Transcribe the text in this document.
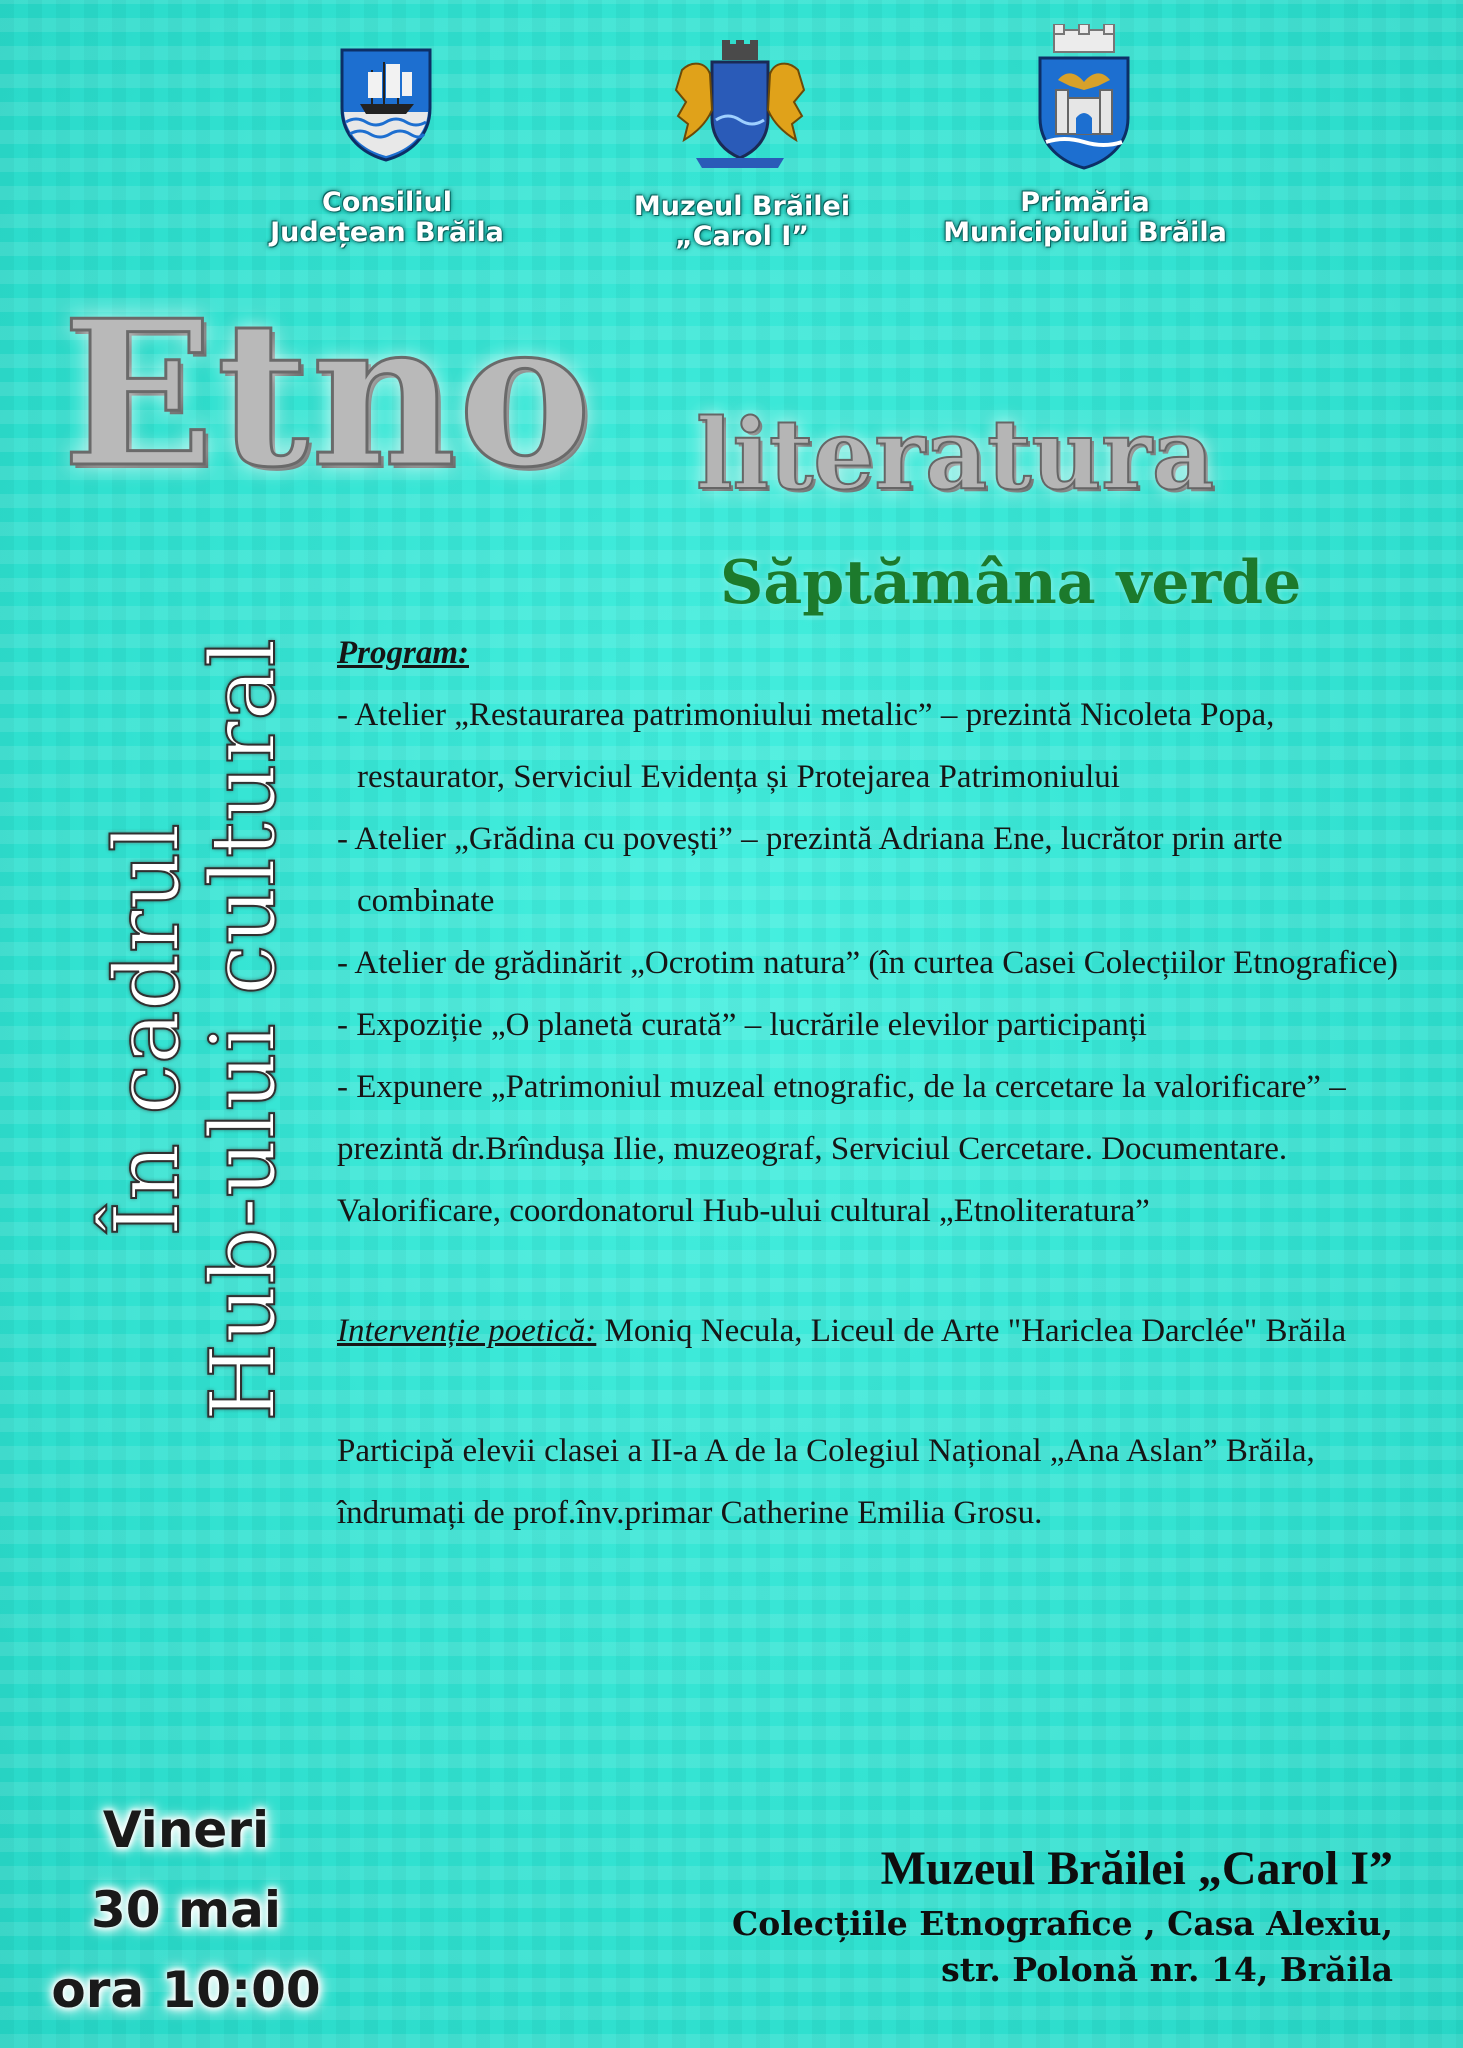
Consiliul
Județean Brăila
Muzeul Brăilei
„Carol I”
Primăria
Municipiului Brăila
Etno literatura
Săptămâna verde
În cadrul
Hub-ului cultural Program:

- Atelier „Restaurarea patrimoniului metalic” – prezintă Nicoleta Popa, restaurator, Serviciul Evidența și Protejarea Patrimoniului

- Atelier „Grădina cu povești” – prezintă Adriana Ene, lucrător prin arte combinate

- Atelier de grădinărit „Ocrotim natura” (în curtea Casei Colecțiilor Etnografice)

- Expoziție „O planetă curată” – lucrările elevilor participanți

- Expunere „Patrimoniul muzeal etnografic, de la cercetare la valorificare” – prezintă dr.Brîndușa Ilie, muzeograf, Serviciul Cercetare. Documentare. Valorificare, coordonatorul Hub-ului cultural „Etnoliteratura”

Intervenție poetică: Moniq Necula, Liceul de Arte "Hariclea Darclée" Brăila

Participă elevii clasei a II-a A de la Colegiul Național „Ana Aslan” Brăila, îndrumați de prof.înv.primar Catherine Emilia Grosu.

Vineri
30 mai
ora 10:00
Muzeul Brăilei „Carol I”
Colecțiile Etnografice , Casa Alexiu,
str. Polonă nr. 14, Brăila
